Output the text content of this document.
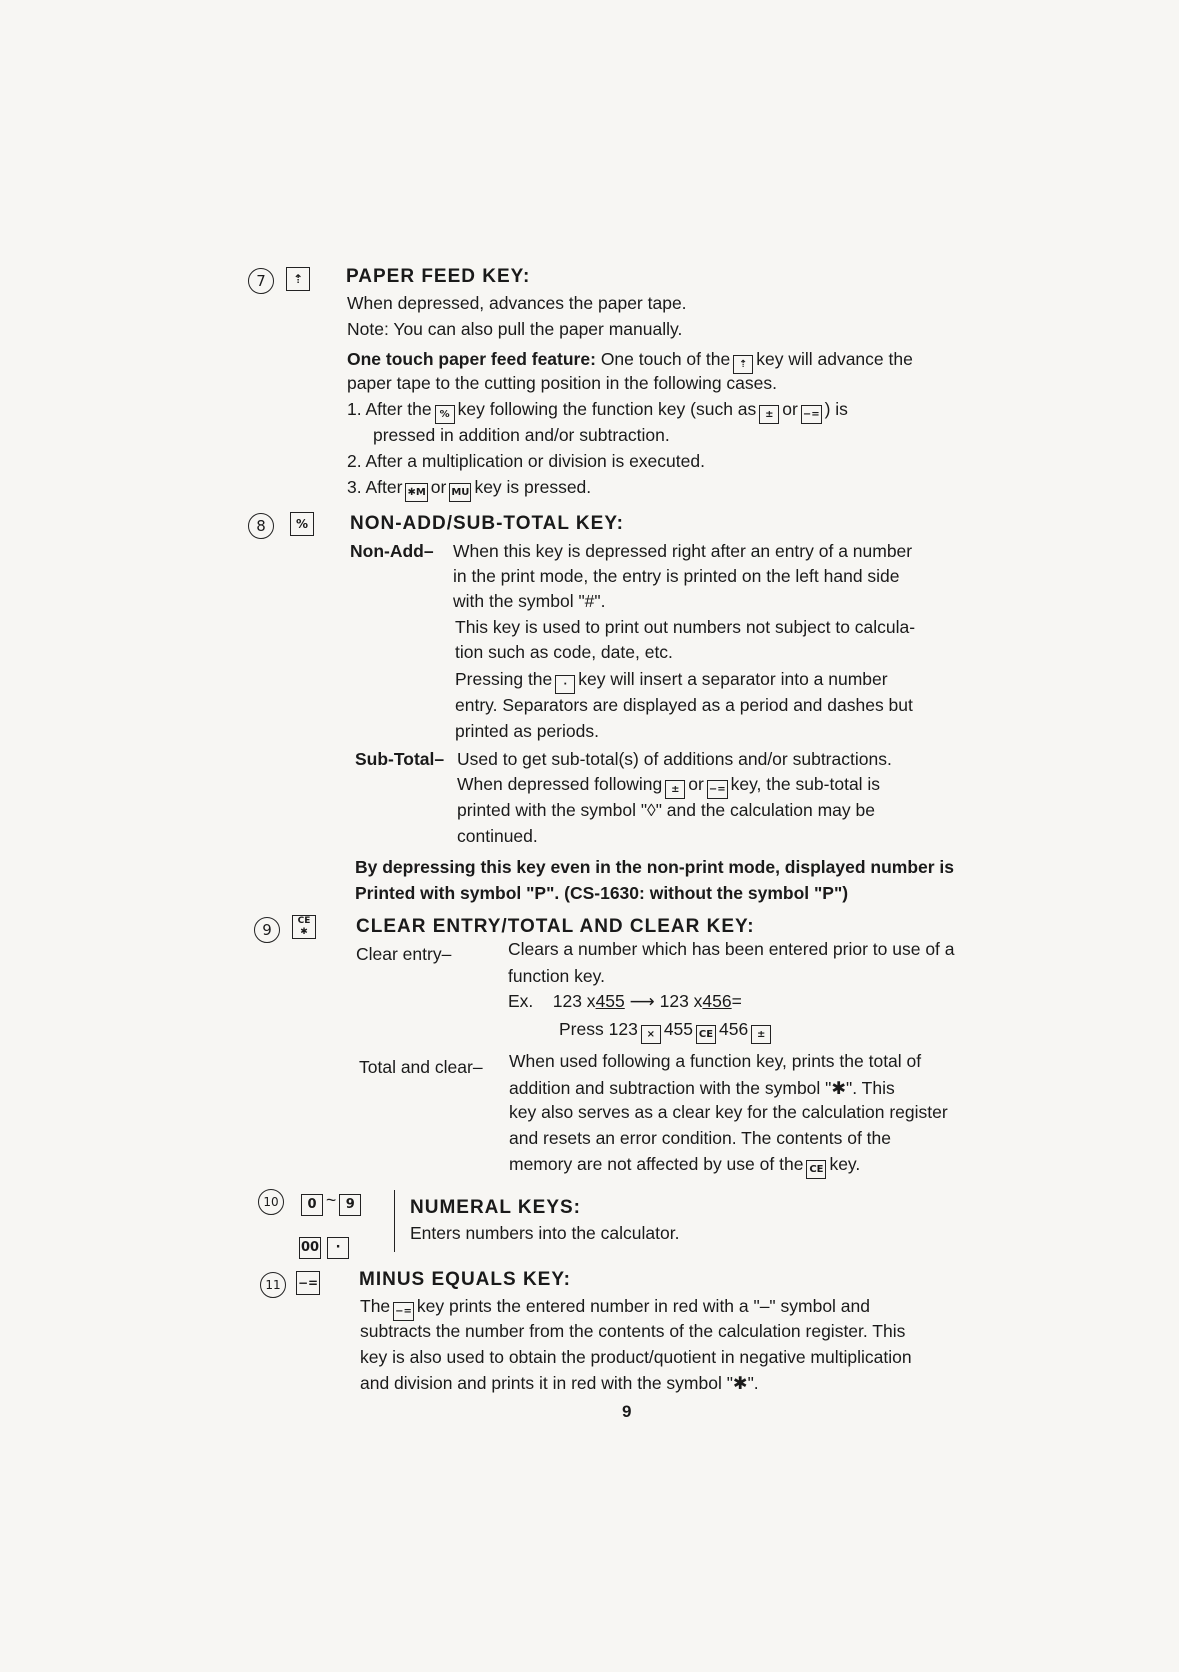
7	⇡	PAPER FEED KEY:
When depressed, advances the paper tape.
Note: You can also pull the paper manually.
One touch paper feed feature: One touch of the ⇡ key will advance the
paper tape to the cutting position in the following cases.
1. After the % key following the function key (such as ± or −= ) is
pressed in addition and/or subtraction.
2. After a multiplication or division is executed.
3. After ✱M or MU key is pressed.
8	%	NON-ADD/SUB-TOTAL KEY:
Non-Add– When this key is depressed right after an entry of a number
in the print mode, the entry is printed on the left hand side
with the symbol "#".
This key is used to print out numbers not subject to calcula-
tion such as code, date, etc.
Pressing the · key will insert a separator into a number
entry. Separators are displayed as a period and dashes but
printed as periods.
Sub-Total– Used to get sub-total(s) of additions and/or subtractions.
When depressed following ± or −= key, the sub-total is
printed with the symbol "◊" and the calculation may be
continued.
By depressing this key even in the non-print mode, displayed number is
Printed with symbol "P". (CS-1630: without the symbol "P")
9	CE
✱	CLEAR ENTRY/TOTAL AND CLEAR KEY:
Clear entry–	Clears a number which has been entered prior to use of a
function key.
Ex. 123 x455 ⟶ 123 x456=
Press 123 × 455 CE 456 ±
Total and clear– When used following a function key, prints the total of
addition and subtraction with the symbol "✱". This
key also serves as a clear key for the calculation register
and resets an error condition. The contents of the
memory are not affected by use of the CE key.
10	0 ~ 9
00 ·
NUMERAL KEYS:
Enters numbers into the calculator.
11	−= MINUS EQUALS KEY:
The −= key prints the entered number in red with a "–" symbol and
subtracts the number from the contents of the calculation register. This
key is also used to obtain the product/quotient in negative multiplication
and division and prints it in red with the symbol "✱".
9
